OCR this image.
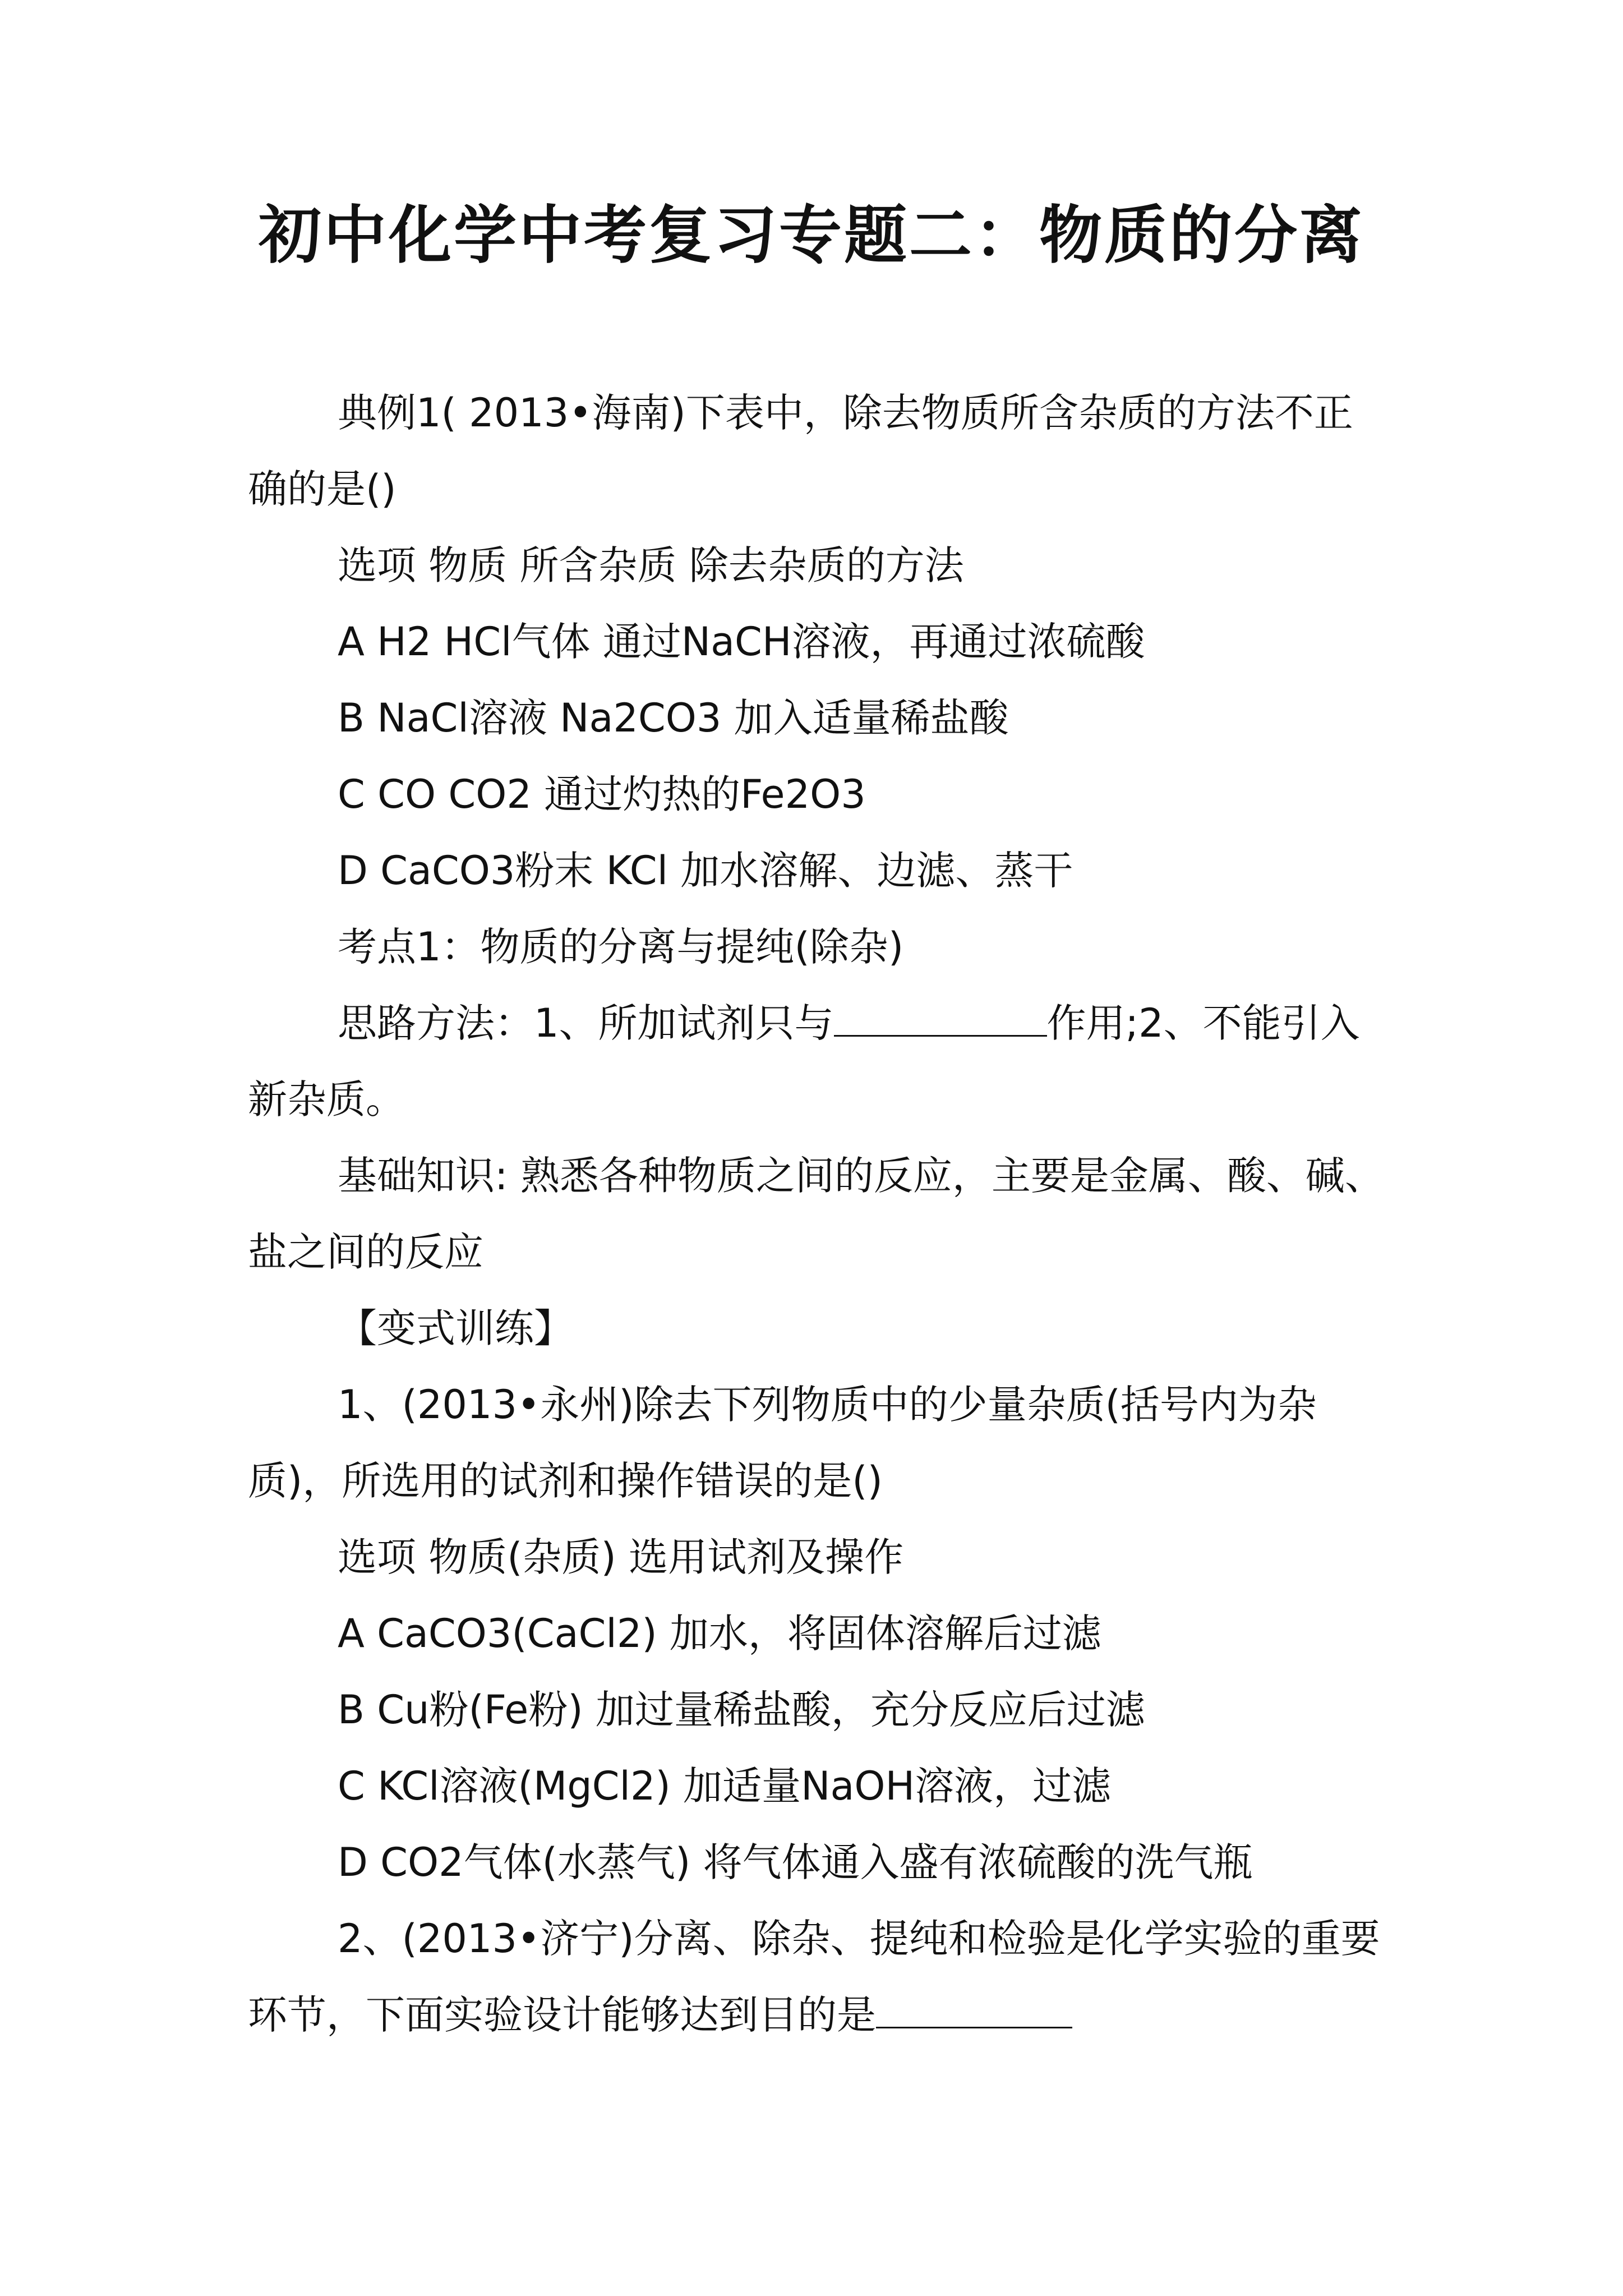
初中化学中考复习专题二：物质的分离

典例1( 2013•海南)下表中，除去物质所含杂质的方法不正确的是()

选项 物质 所含杂质 除去杂质的方法

A H2 HCl气体 通过NaCH溶液，再通过浓硫酸

B NaCl溶液 Na2CO3 加入适量稀盐酸

C CO CO2 通过灼热的Fe2O3

D CaCO3粉末 KCl 加水溶解、边滤、蒸干

考点1：物质的分离与提纯(除杂)

思路方法：1、所加试剂只与	作用;2、不能引入新杂质。

基础知识: 熟悉各种物质之间的反应，主要是金属、酸、碱、盐之间的反应

【变式训练】

1、(2013•永州)除去下列物质中的少量杂质(括号内为杂质)，所选用的试剂和操作错误的是()

选项 物质(杂质) 选用试剂及操作

A CaCO3(CaCl2) 加水，将固体溶解后过滤

B Cu粉(Fe粉) 加过量稀盐酸，充分反应后过滤

C KCl溶液(MgCl2) 加适量NaOH溶液，过滤

D CO2气体(水蒸气) 将气体通入盛有浓硫酸的洗气瓶

2、(2013•济宁)分离、除杂、提纯和检验是化学实验的重要环节，下面实验设计能够达到目的是
